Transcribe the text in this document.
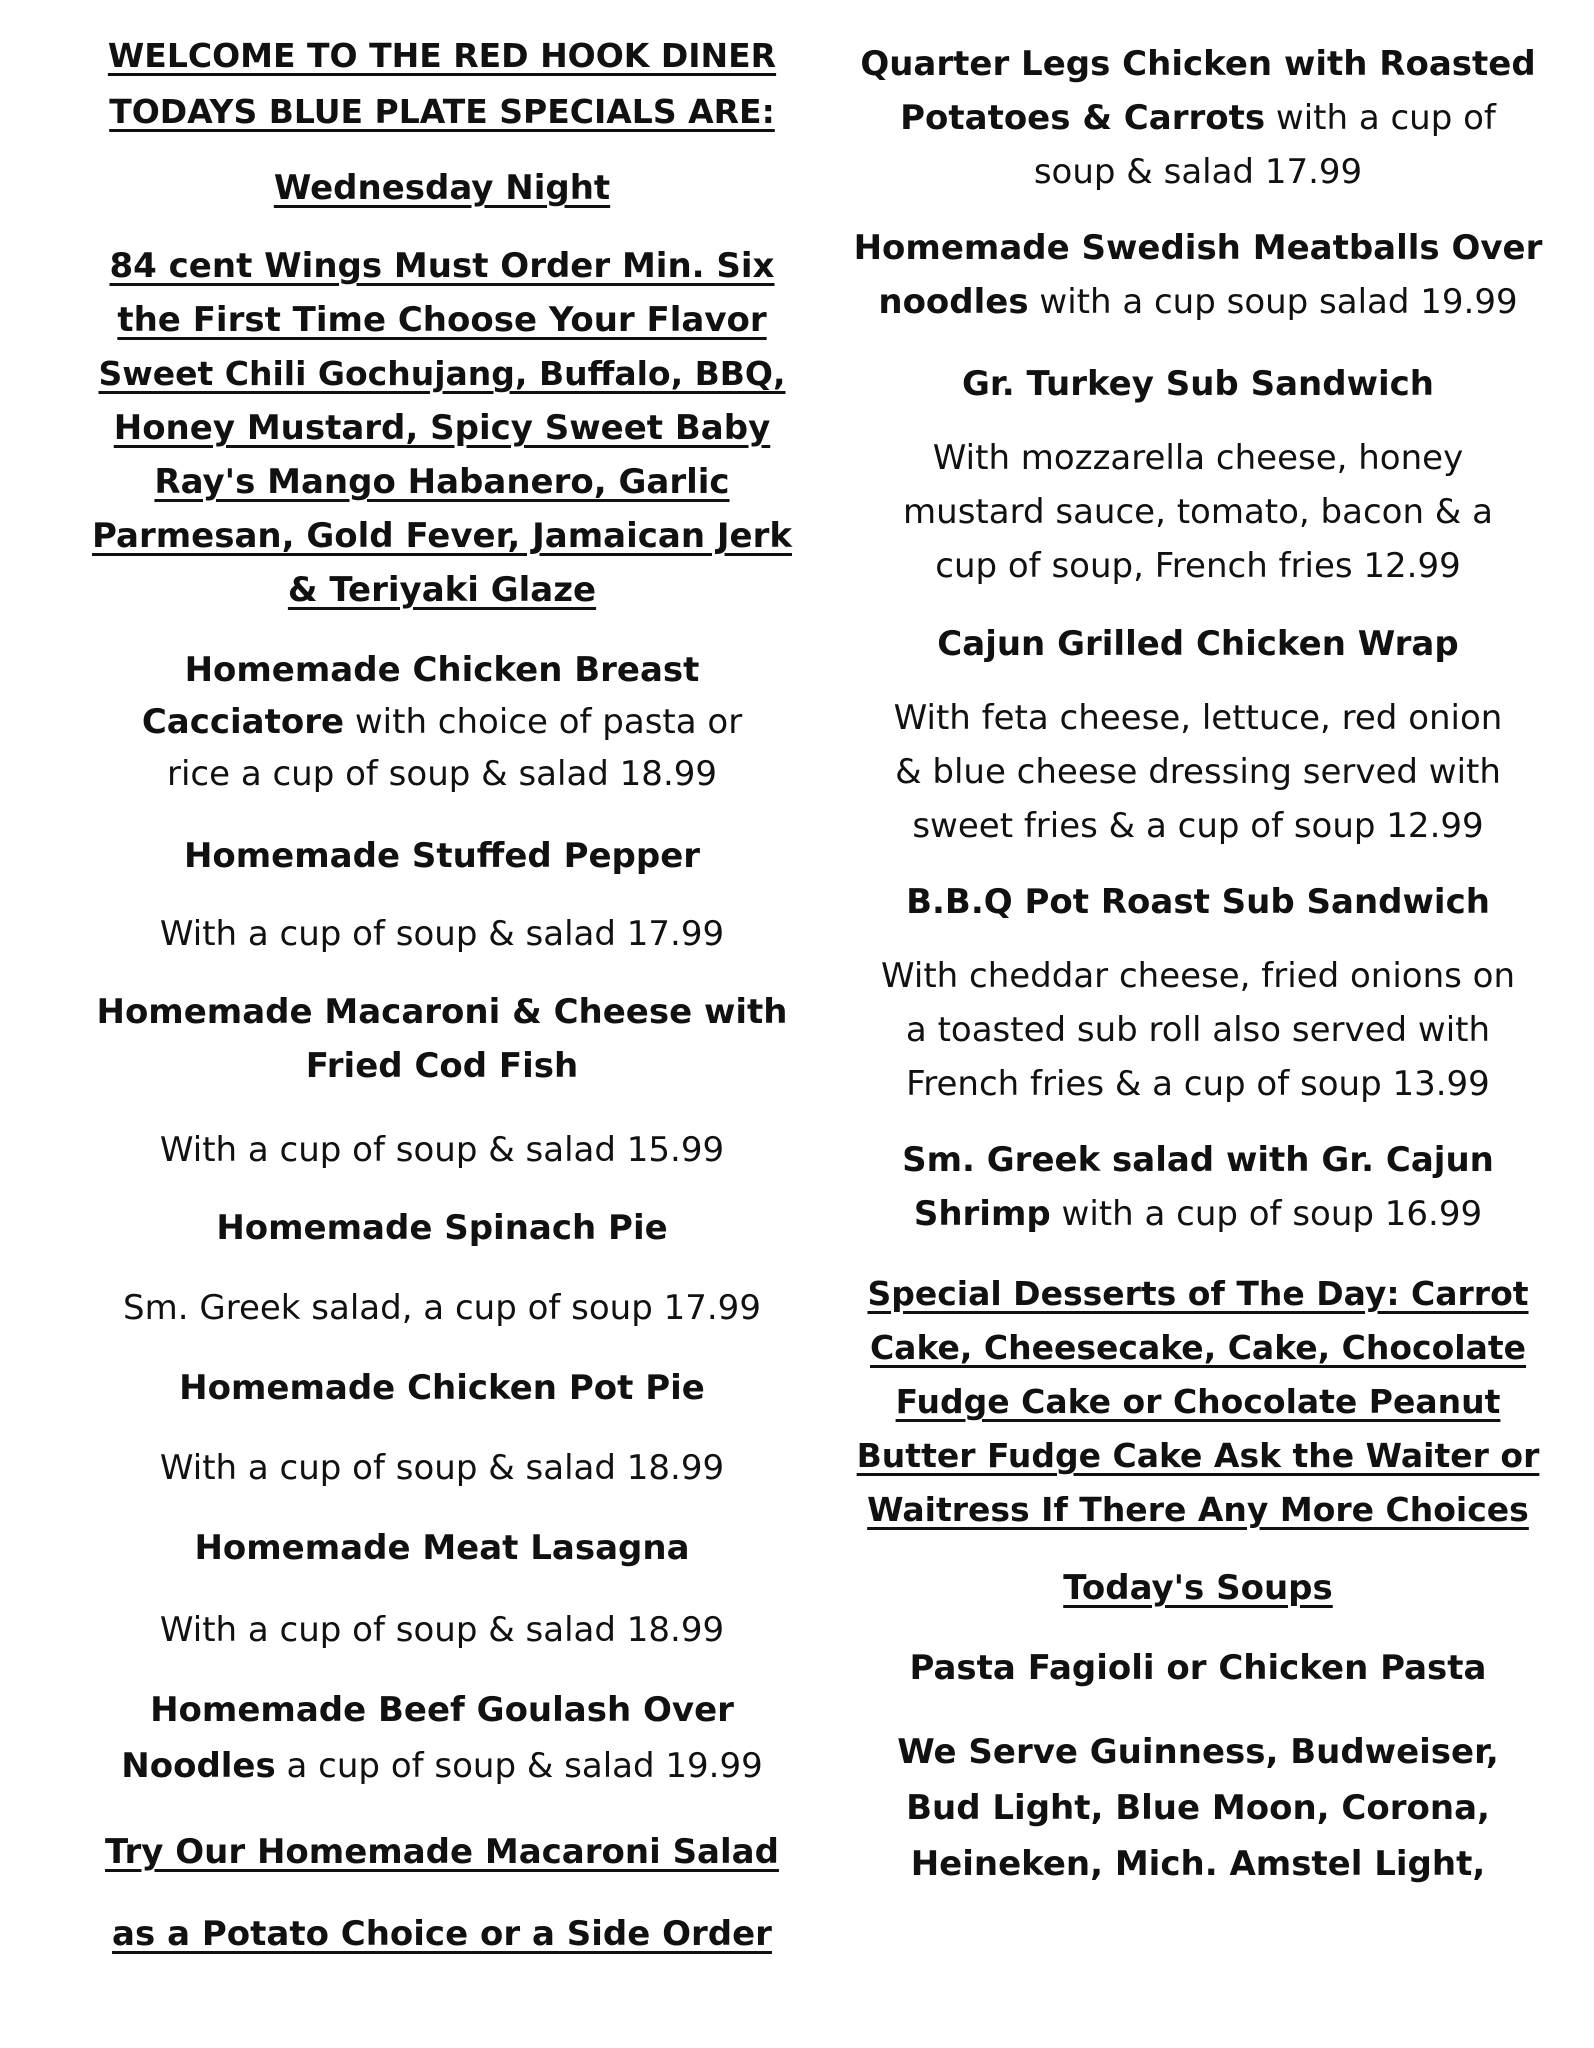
WELCOME TO THE RED HOOK DINER
TODAYS BLUE PLATE SPECIALS ARE:
Wednesday Night
84 cent Wings Must Order Min. Six
the First Time Choose Your Flavor
Sweet Chili Gochujang, Buffalo, BBQ,
Honey Mustard, Spicy Sweet Baby
Ray's Mango Habanero, Garlic
Parmesan, Gold Fever, Jamaican Jerk
& Teriyaki Glaze
Homemade Chicken Breast
Cacciatore with choice of pasta or
rice a cup of soup & salad 18.99
Homemade Stuffed Pepper
With a cup of soup & salad 17.99
Homemade Macaroni & Cheese with
Fried Cod Fish
With a cup of soup & salad 15.99
Homemade Spinach Pie
Sm. Greek salad, a cup of soup 17.99
Homemade Chicken Pot Pie
With a cup of soup & salad 18.99
Homemade Meat Lasagna
With a cup of soup & salad 18.99
Homemade Beef Goulash Over
Noodles a cup of soup & salad 19.99
Try Our Homemade Macaroni Salad
as a Potato Choice or a Side Order
Quarter Legs Chicken with Roasted
Potatoes & Carrots with a cup of
soup & salad 17.99
Homemade Swedish Meatballs Over
noodles with a cup soup salad 19.99
Gr. Turkey Sub Sandwich
With mozzarella cheese, honey
mustard sauce, tomato, bacon & a
cup of soup, French fries 12.99
Cajun Grilled Chicken Wrap
With feta cheese, lettuce, red onion
& blue cheese dressing served with
sweet fries & a cup of soup 12.99
B.B.Q Pot Roast Sub Sandwich
With cheddar cheese, fried onions on
a toasted sub roll also served with
French fries & a cup of soup 13.99
Sm. Greek salad with Gr. Cajun
Shrimp with a cup of soup 16.99
Special Desserts of The Day: Carrot
Cake, Cheesecake, Cake, Chocolate
Fudge Cake or Chocolate Peanut
Butter Fudge Cake Ask the Waiter or
Waitress If There Any More Choices
Today's Soups
Pasta Fagioli or Chicken Pasta
We Serve Guinness, Budweiser,
Bud Light, Blue Moon, Corona,
Heineken, Mich. Amstel Light,
